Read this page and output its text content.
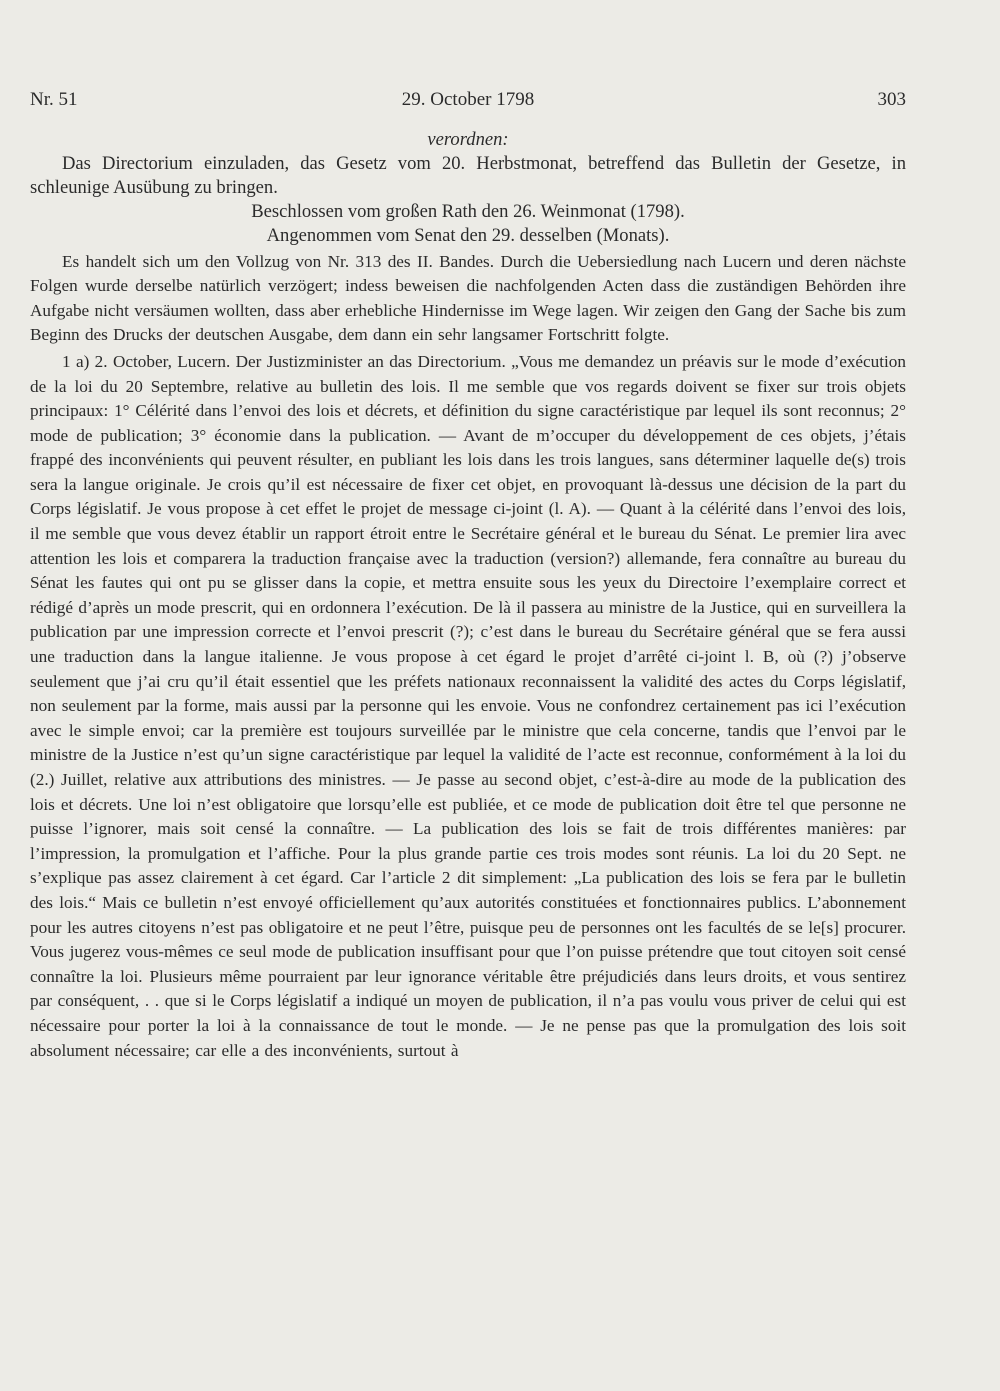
Nr. 51	29. October 1798	303

verordnen:

Das Directorium einzuladen, das Gesetz vom 20. Herbstmonat, betreffend das Bulletin der Gesetze, in schleunige Ausübung zu bringen.

Beschlossen vom großen Rath den 26. Weinmonat (1798).

Angenommen vom Senat den 29. desselben (Monats).

Es handelt sich um den Vollzug von Nr. 313 des II. Bandes. Durch die Uebersiedlung nach Lucern und deren nächste Folgen wurde derselbe natürlich verzögert; indess beweisen die nachfolgenden Acten dass die zuständigen Behörden ihre Aufgabe nicht versäumen wollten, dass aber erhebliche Hindernisse im Wege lagen. Wir zeigen den Gang der Sache bis zum Beginn des Drucks der deutschen Ausgabe, dem dann ein sehr langsamer Fortschritt folgte.

1 a) 2. October, Lucern. Der Justizminister an das Directorium. „Vous me demandez un préavis sur le mode d’exécution de la loi du 20 Septembre, relative au bulletin des lois. Il me semble que vos regards doivent se fixer sur trois objets principaux: 1° Célérité dans l’envoi des lois et décrets, et définition du signe caractéristique par lequel ils sont reconnus; 2° mode de publication; 3° économie dans la publication. — Avant de m’occuper du développement de ces objets, j’étais frappé des inconvénients qui peuvent résulter, en publiant les lois dans les trois langues, sans déterminer laquelle de(s) trois sera la langue originale. Je crois qu’il est nécessaire de fixer cet objet, en provoquant là-dessus une décision de la part du Corps législatif. Je vous propose à cet effet le projet de message ci-joint (l. A). — Quant à la célérité dans l’envoi des lois, il me semble que vous devez établir un rapport étroit entre le Secrétaire général et le bureau du Sénat. Le premier lira avec attention les lois et comparera la traduction française avec la traduction (version?) allemande, fera connaître au bureau du Sénat les fautes qui ont pu se glisser dans la copie, et mettra ensuite sous les yeux du Directoire l’exemplaire correct et rédigé d’après un mode prescrit, qui en ordonnera l’exécution. De là il passera au ministre de la Justice, qui en surveillera la publication par une impression correcte et l’envoi prescrit (?); c’est dans le bureau du Secrétaire général que se fera aussi une traduction dans la langue italienne. Je vous propose à cet égard le projet d’arrêté ci-joint l. B, où (?) j’observe seulement que j’ai cru qu’il était essentiel que les préfets nationaux reconnaissent la validité des actes du Corps législatif, non seulement par la forme, mais aussi par la personne qui les envoie. Vous ne confondrez certainement pas ici l’exécution avec le simple envoi; car la première est toujours surveillée par le ministre que cela concerne, tandis que l’envoi par le ministre de la Justice n’est qu’un signe caractéristique par lequel la validité de l’acte est reconnue, conformément à la loi du (2.) Juillet, relative aux attributions des ministres. — Je passe au second objet, c’est-à-dire au mode de la publication des lois et décrets. Une loi n’est obligatoire que lorsqu’elle est publiée, et ce mode de publication doit être tel que personne ne puisse l’ignorer, mais soit censé la connaître. — La publication des lois se fait de trois différentes manières: par l’impression, la promulgation et l’affiche. Pour la plus grande partie ces trois modes sont réunis. La loi du 20 Sept. ne s’explique pas assez clairement à cet égard. Car l’article 2 dit simplement: „La publication des lois se fera par le bulletin des lois.“ Mais ce bulletin n’est envoyé officiellement qu’aux autorités constituées et fonctionnaires publics. L’abonnement pour les autres citoyens n’est pas obligatoire et ne peut l’être, puisque peu de personnes ont les facultés de se le[s] procurer. Vous jugerez vous-mêmes ce seul mode de publication insuffisant pour que l’on puisse prétendre que tout citoyen soit censé connaître la loi. Plusieurs même pourraient par leur ignorance véritable être préjudiciés dans leurs droits, et vous sentirez par conséquent, . . que si le Corps législatif a indiqué un moyen de publication, il n’a pas voulu vous priver de celui qui est nécessaire pour porter la loi à la connaissance de tout le monde. — Je ne pense pas que la promulgation des lois soit absolument nécessaire; car elle a des inconvénients, surtout à
